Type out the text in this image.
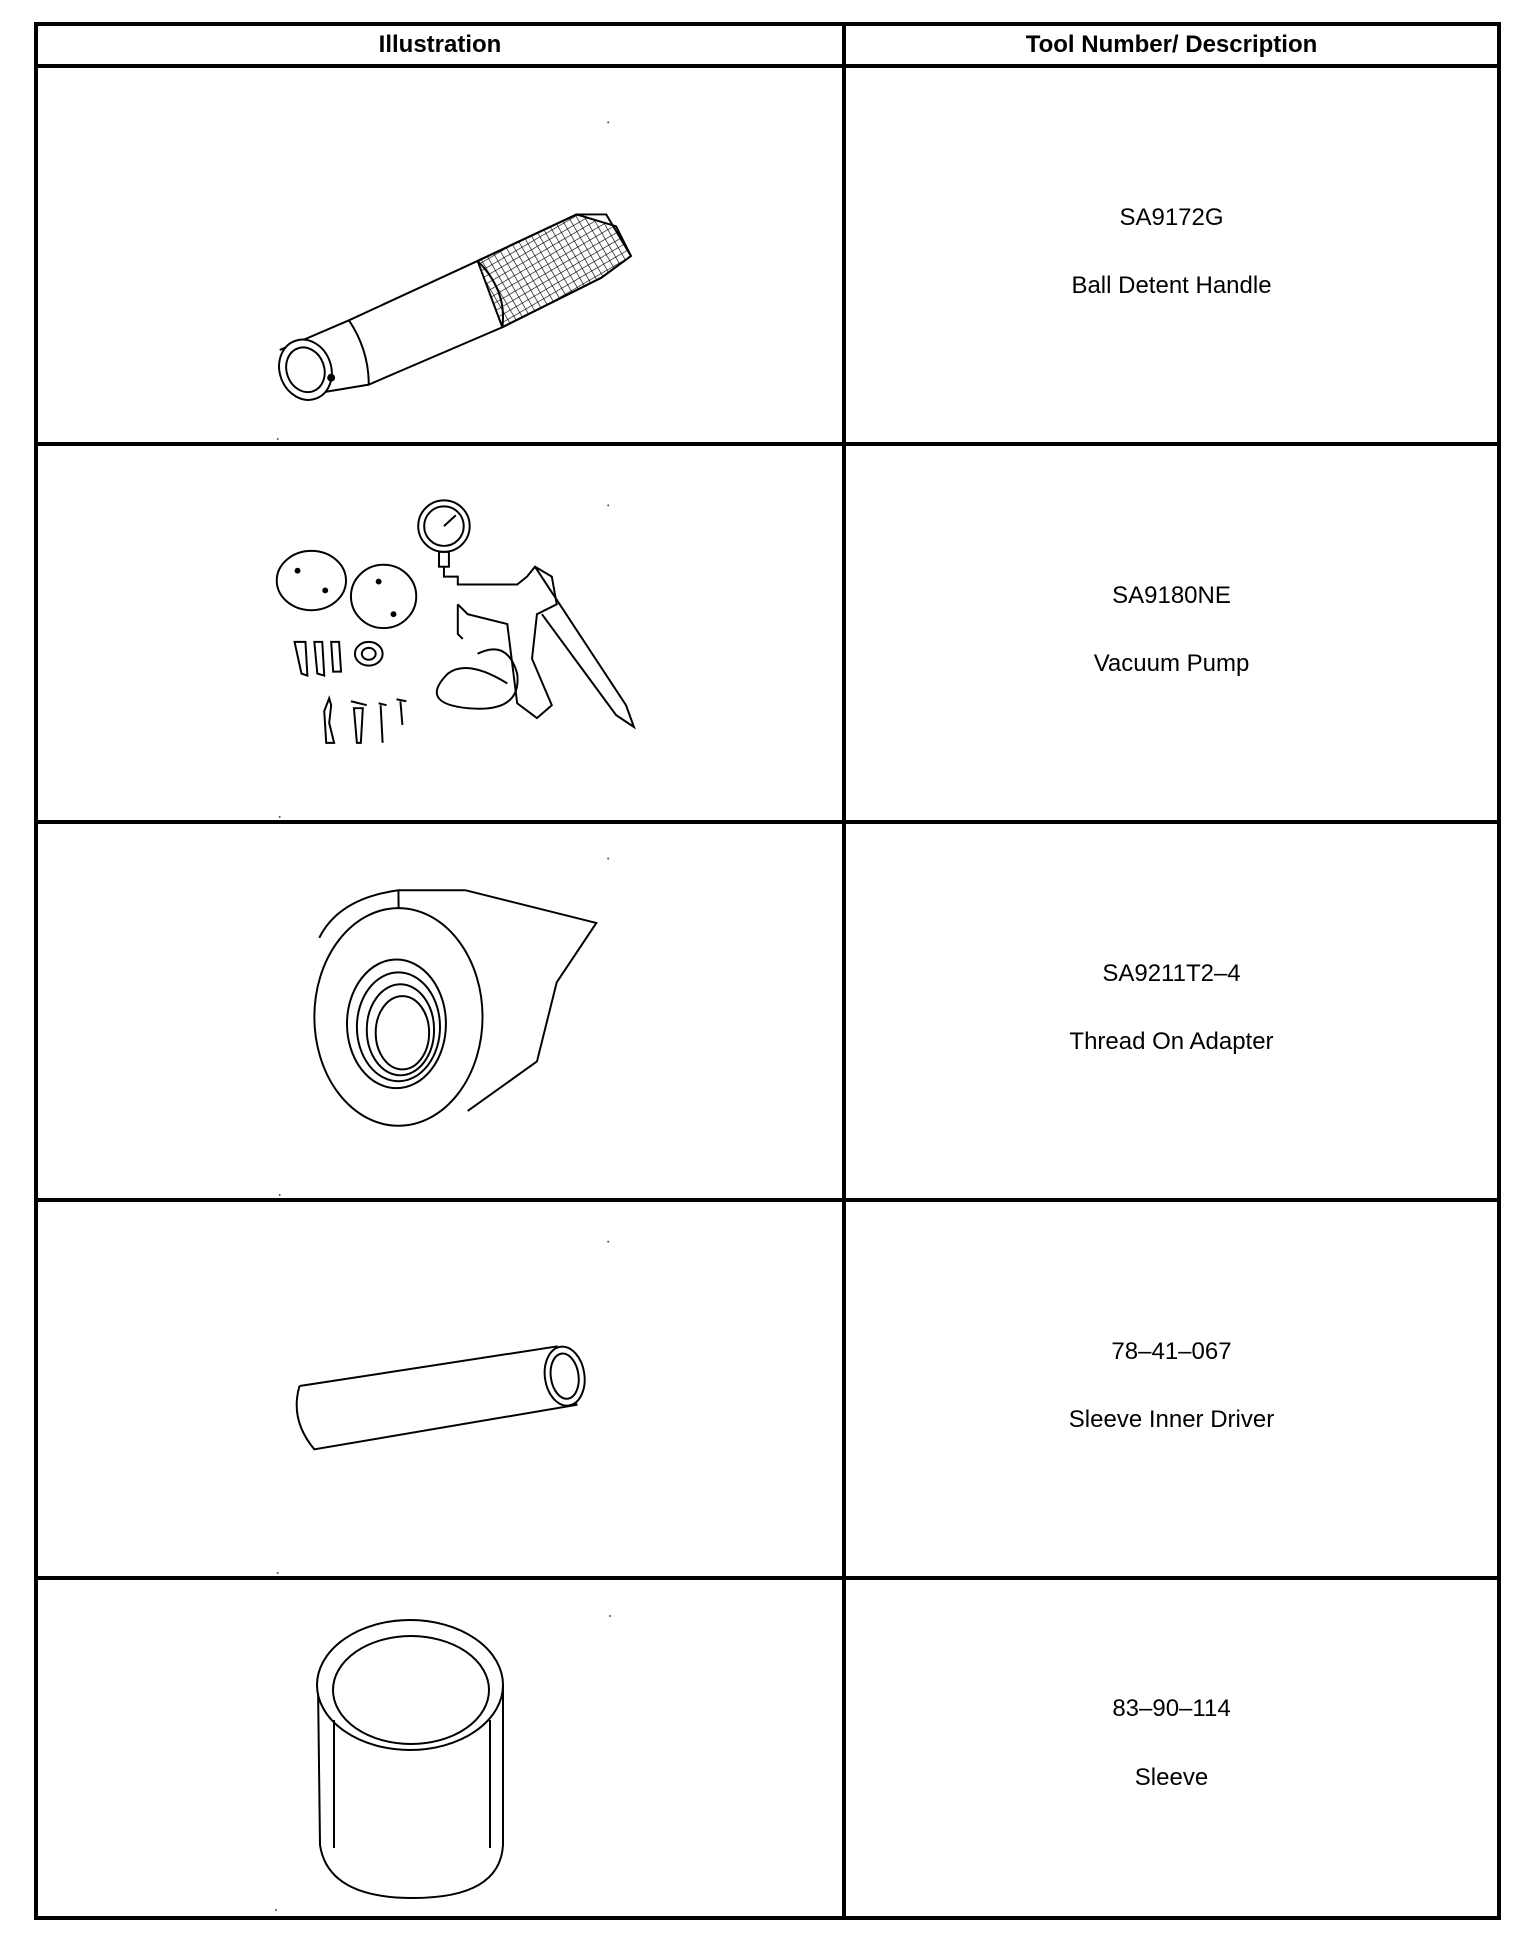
Illustration	Tool Number/ Description
SA9172G
Ball Detent Handle
SA9180NE
Vacuum Pump
SA9211T2–4
Thread On Adapter
78–41–067
Sleeve Inner Driver
83–90–114
Sleeve
